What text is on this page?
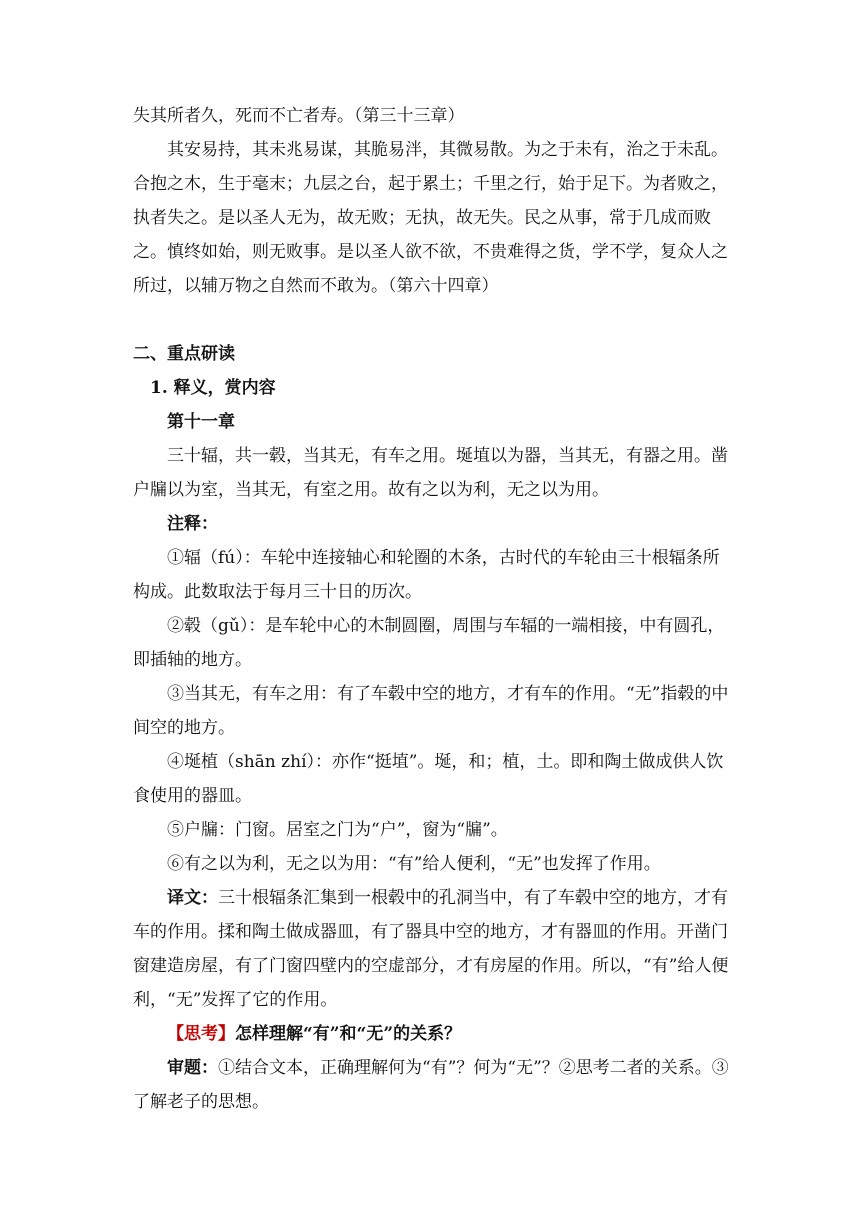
失其所者久，死而不亡者寿。（第三十三章）

其安易持，其未兆易谋，其脆易泮，其微易散。为之于未有，治之于未乱。合抱之木，生于毫末；九层之台，起于累土；千里之行，始于足下。为者败之，执者失之。是以圣人无为，故无败；无执，故无失。民之从事，常于几成而败之。慎终如始，则无败事。是以圣人欲不欲，不贵难得之货，学不学，复众人之所过，以辅万物之自然而不敢为。（第六十四章）

二、重点研读

1. 释义，赏内容

第十一章

三十辐，共一毂，当其无，有车之用。埏埴以为器，当其无，有器之用。凿户牖以为室，当其无，有室之用。故有之以为利，无之以为用。

注释：

①辐（fú）：车轮中连接轴心和轮圈的木条，古时代的车轮由三十根辐条所构成。此数取法于每月三十日的历次。

②毂（gǔ）：是车轮中心的木制圆圈，周围与车辐的一端相接，中有圆孔，即插轴的地方。

③当其无，有车之用：有了车毂中空的地方，才有车的作用。“无”指毂的中间空的地方。

④埏植（shān zhí）：亦作“挺埴”。埏，和；植，土。即和陶土做成供人饮食使用的器皿。

⑤户牖：门窗。居室之门为“户”，窗为“牖”。

⑥有之以为利，无之以为用：“有”给人便利，“无”也发挥了作用。

译文：三十根辐条汇集到一根毂中的孔洞当中，有了车毂中空的地方，才有车的作用。揉和陶土做成器皿，有了器具中空的地方，才有器皿的作用。开凿门窗建造房屋，有了门窗四壁内的空虚部分，才有房屋的作用。所以，“有”给人便利，“无”发挥了它的作用。

【思考】怎样理解“有”和“无”的关系？

审题：①结合文本，正确理解何为“有”？何为“无”？②思考二者的关系。③了解老子的思想。
